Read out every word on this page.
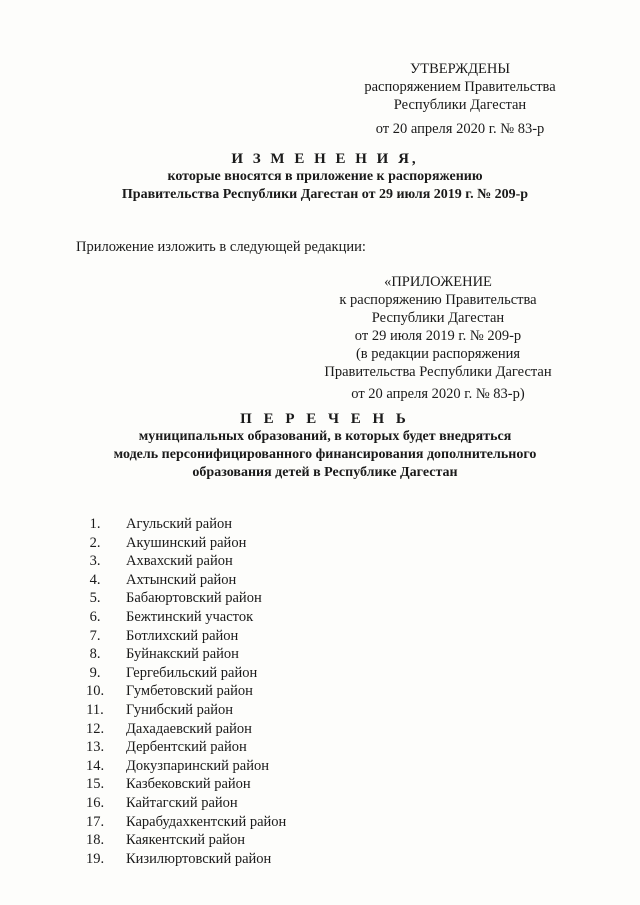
УТВЕРЖДЕНЫ
распоряжением Правительства
Республики Дагестан
от 20 апреля 2020 г. № 83-р
И З М Е Н Е Н И Я,
которые вносятся в приложение к распоряжению
Правительства Республики Дагестан от 29 июля 2019 г. № 209-р
Приложение изложить в следующей редакции:
«ПРИЛОЖЕНИЕ
к распоряжению Правительства
Республики Дагестан
от 29 июля 2019 г. № 209-р
(в редакции распоряжения
Правительства Республики Дагестан
от 20 апреля 2020 г. № 83-р)
П Е Р Е Ч Е Н Ь
муниципальных образований, в которых будет внедряться
модель персонифицированного финансирования дополнительного
образования детей в Республике Дагестан
1.	Агульский район
2.	Акушинский район
3.	Ахвахский район
4.	Ахтынский район
5.	Бабаюртовский район
6.	Бежтинский участок
7.	Ботлихский район
8.	Буйнакский район
9.	Гергебильский район
10.	Гумбетовский район
11.	Гунибский район
12.	Дахадаевский район
13.	Дербентский район
14.	Докузпаринский район
15.	Казбековский район
16.	Кайтагский район
17.	Карабудахкентский район
18.	Каякентский район
19.	Кизилюртовский район
